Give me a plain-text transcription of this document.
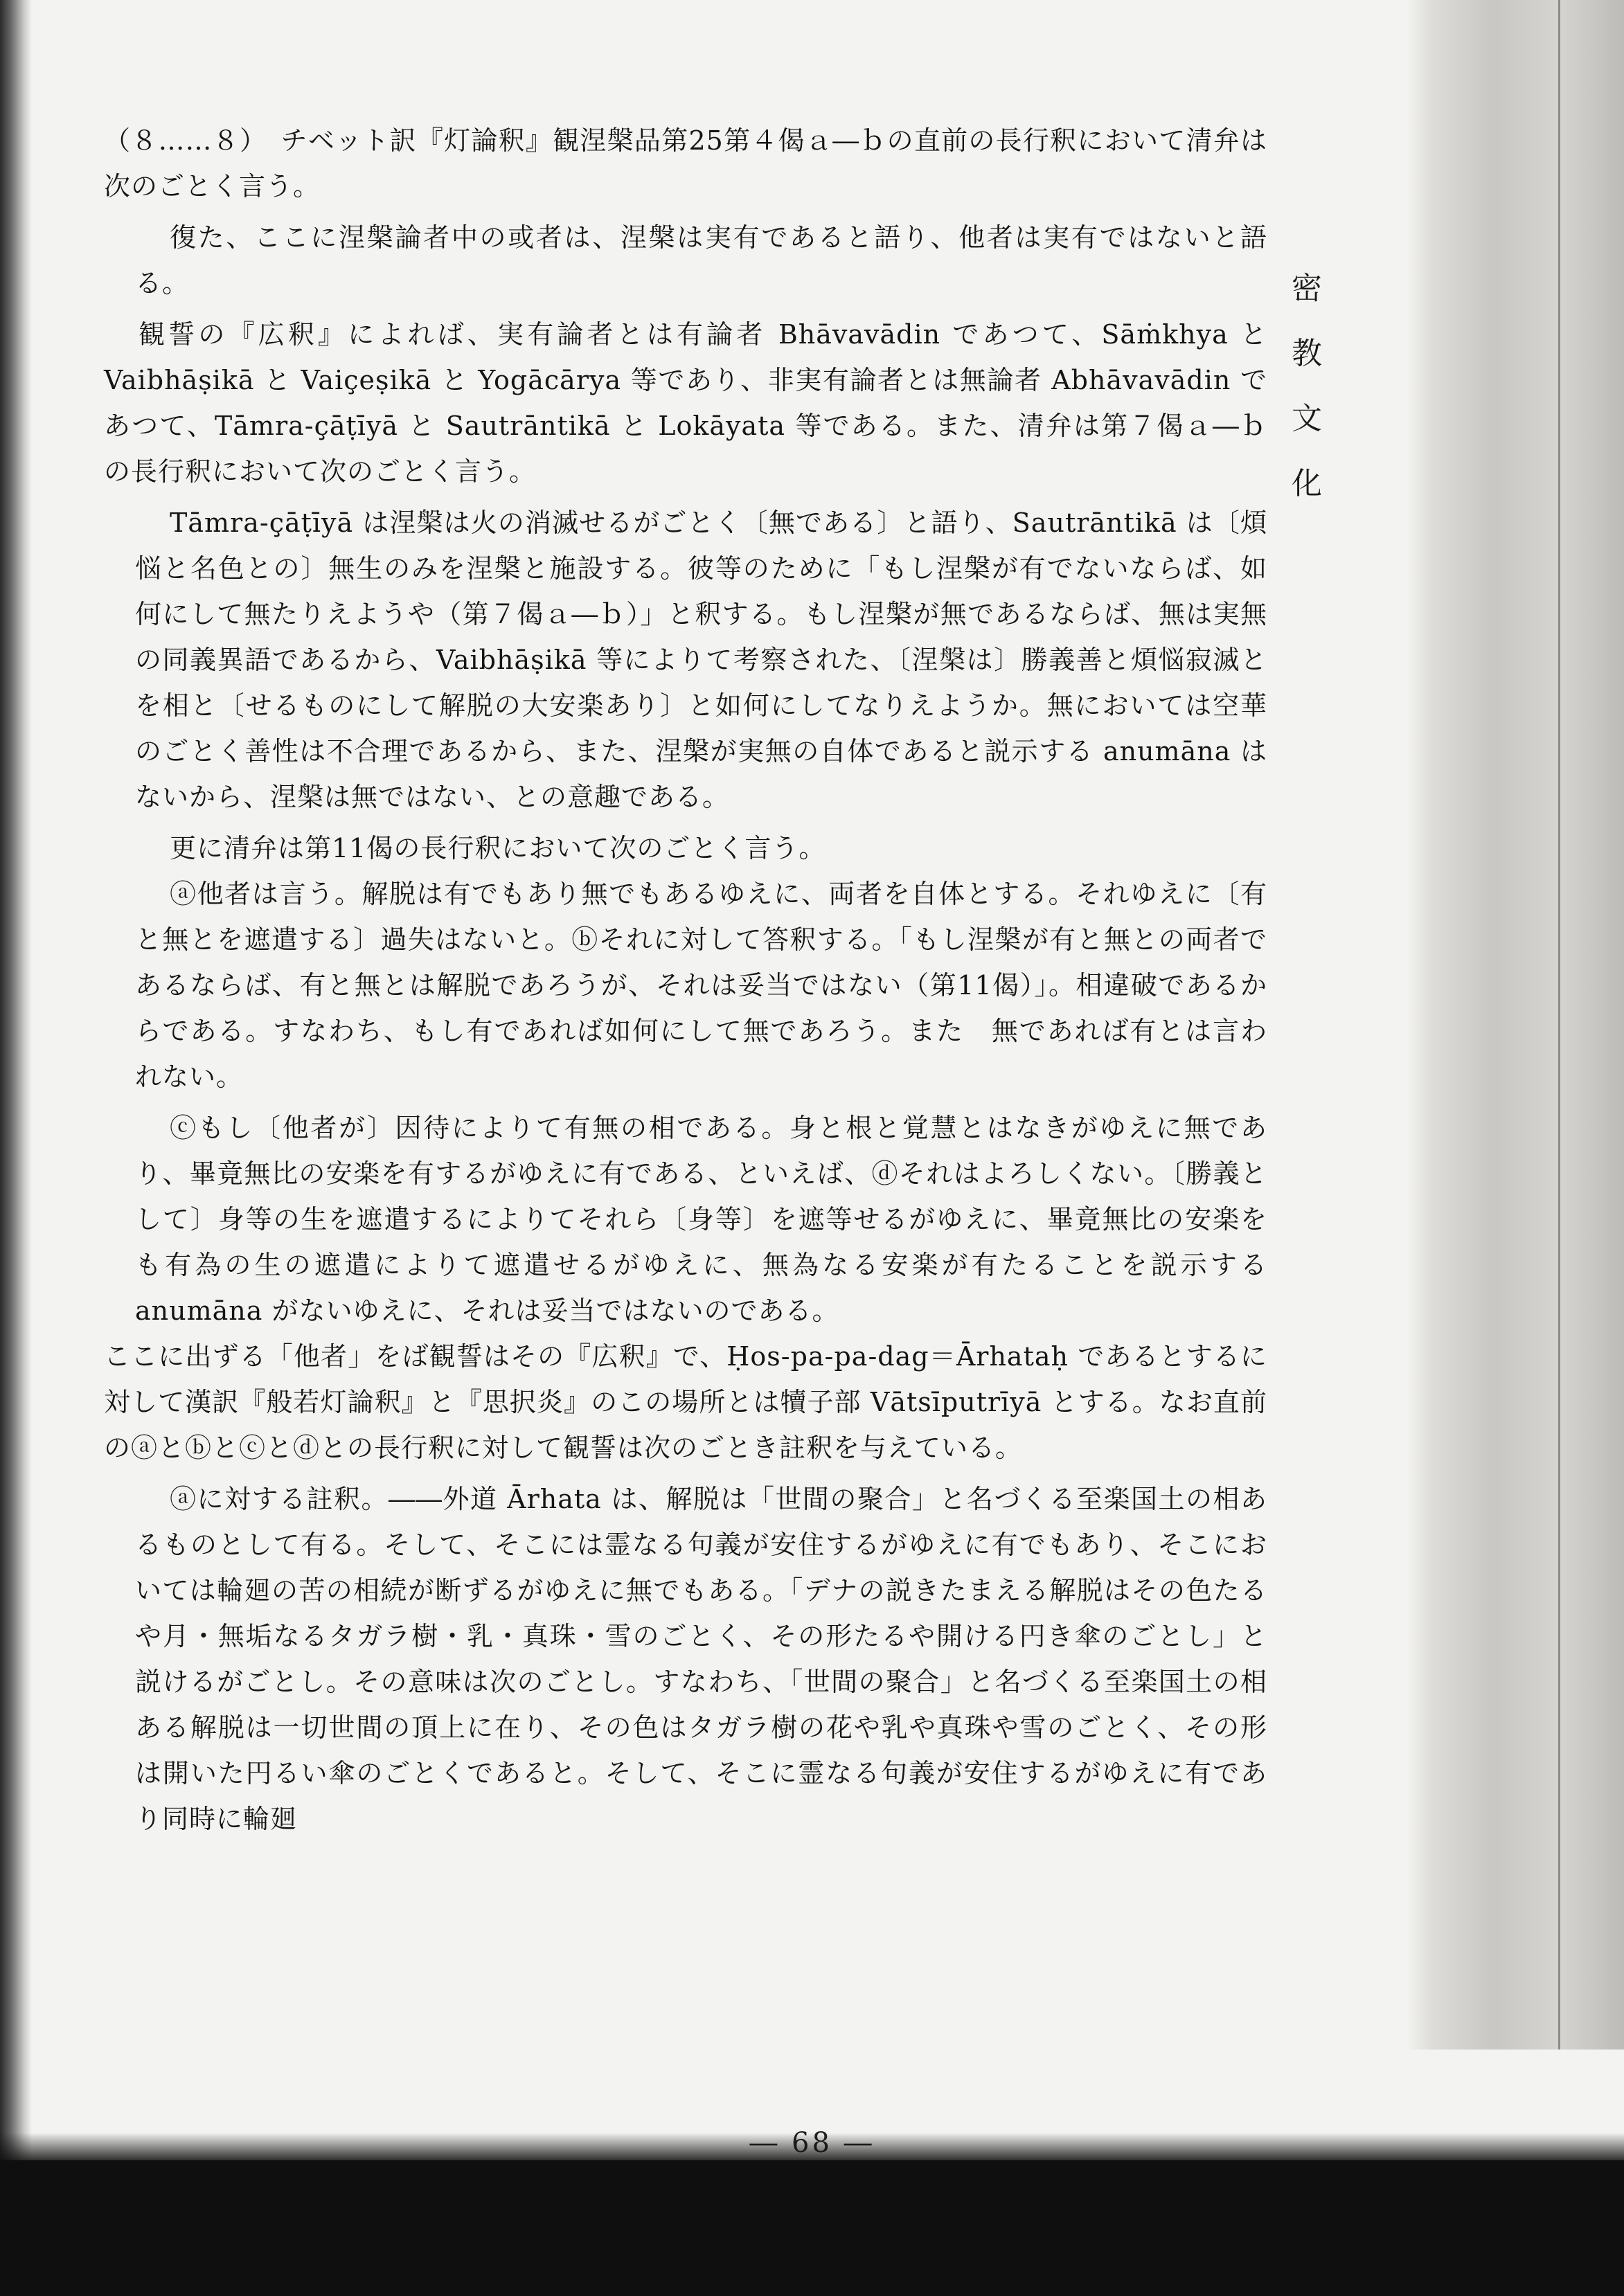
（８……８）　チベット訳『灯論釈』観涅槃品第25第４偈ａ―ｂの直前の長行釈において清弁は次のごとく言う。

復た、ここに涅槃論者中の或者は、涅槃は実有であると語り、他者は実有ではないと語る。

観誓の『広釈』によれば、実有論者とは有論者 Bhāvavādin であつて、Sāṁkhya と Vaibhāṣikā と Vaiçeṣikā と Yogācārya 等であり、非実有論者とは無論者 Abhāvavādin であつて、Tāmra-çāṭīyā と Sautrāntikā と Lokāyata 等である。また、清弁は第７偈ａ―ｂの長行釈において次のごとく言う。

Tāmra-çāṭīyā は涅槃は火の消滅せるがごとく〔無である〕と語り、Sautrāntikā は〔煩悩と名色との〕無生のみを涅槃と施設する。彼等のために「もし涅槃が有でないならば、如何にして無たりえようや（第７偈ａ―ｂ）」と釈する。もし涅槃が無であるならば、無は実無の同義異語であるから、Vaibhāṣikā 等によりて考察された、〔涅槃は〕勝義善と煩悩寂滅とを相と〔せるものにして解脱の大安楽あり〕と如何にしてなりえようか。無においては空華のごとく善性は不合理であるから、また、涅槃が実無の自体であると説示する anumāna はないから、涅槃は無ではない、との意趣である。

更に清弁は第11偈の長行釈において次のごとく言う。

ⓐ他者は言う。解脱は有でもあり無でもあるゆえに、両者を自体とする。それゆえに〔有と無とを遮遣する〕過失はないと。ⓑそれに対して答釈する。「もし涅槃が有と無との両者であるならば、有と無とは解脱であろうが、それは妥当ではない（第11偈）」。相違破であるからである。すなわち、もし有であれば如何にして無であろう。また　無であれば有とは言われない。

ⓒもし〔他者が〕因待によりて有無の相である。身と根と覚慧とはなきがゆえに無であり、畢竟無比の安楽を有するがゆえに有である、といえば、ⓓそれはよろしくない。〔勝義として〕身等の生を遮遣するによりてそれら〔身等〕を遮等せるがゆえに、畢竟無比の安楽をも有為の生の遮遣によりて遮遣せるがゆえに、無為なる安楽が有たることを説示する anumāna がないゆえに、それは妥当ではないのである。

ここに出ずる「他者」をば観誓はその『広釈』で、Ḥos-pa-pa-dag＝Ārhataḥ であるとするに対して漢訳『般若灯論釈』と『思択炎』のこの場所とは犢子部 Vātsīputrīyā とする。なお直前のⓐとⓑとⓒとⓓとの長行釈に対して観誓は次のごとき註釈を与えている。

ⓐに対する註釈。――外道 Ārhata は、解脱は「世間の聚合」と名づくる至楽国土の相あるものとして有る。そして、そこには霊なる句義が安住するがゆえに有でもあり、そこにおいては輪廻の苦の相続が断ずるがゆえに無でもある。「デナの説きたまえる解脱はその色たるや月・無垢なるタガラ樹・乳・真珠・雪のごとく、その形たるや開ける円き傘のごとし」と説けるがごとし。その意味は次のごとし。すなわち、「世間の聚合」と名づくる至楽国土の相ある解脱は一切世間の頂上に在り、その色はタガラ樹の花や乳や真珠や雪のごとく、その形は開いた円るい傘のごとくであると。そして、そこに霊なる句義が安住するがゆえに有であり同時に輪廻

密
教
文
化
